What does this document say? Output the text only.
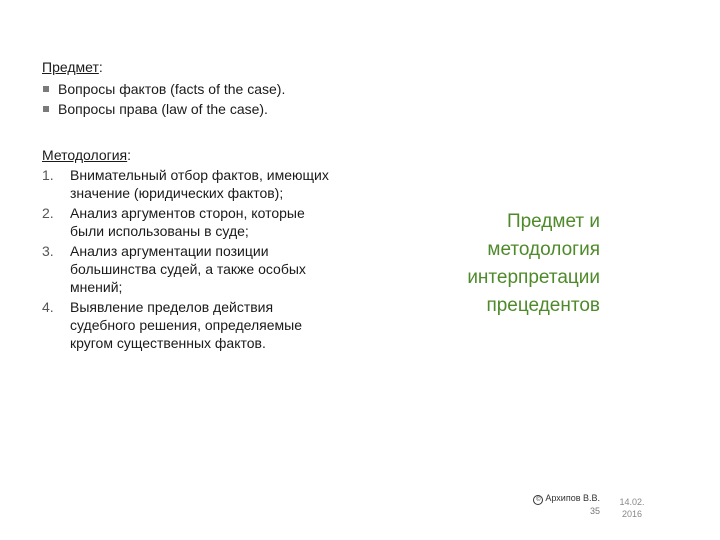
Предмет:
Вопросы фактов (facts of the case).
Вопросы права (law of the case).
Методология:
1. Внимательный отбор фактов, имеющих значение (юридических фактов);
2. Анализ аргументов сторон, которые были использованы в суде;
3. Анализ аргументации позиции большинства судей, а также особых мнений;
4. Выявление пределов действия судебного решения, определяемые кругом существенных фактов.
Предмет и методология интерпретации прецедентов
© Архипов В.В.
35
14.02.
2016
